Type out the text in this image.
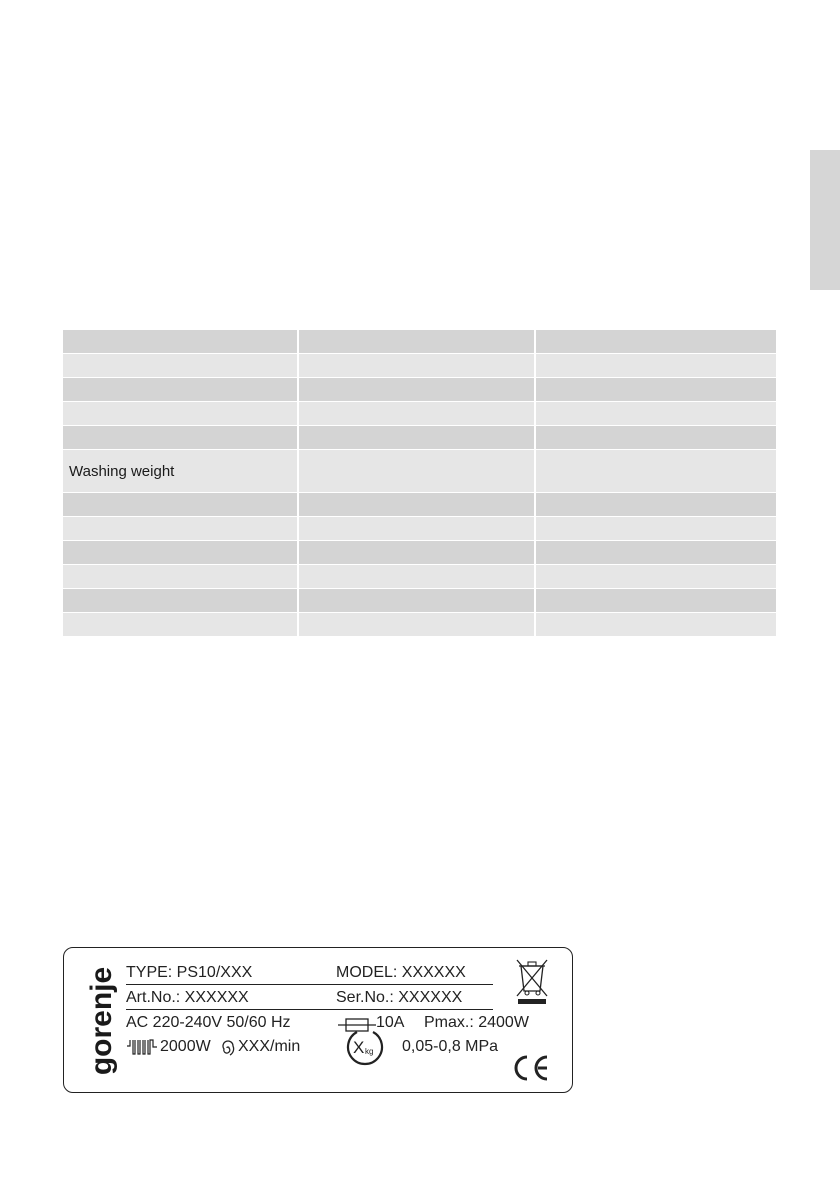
Washing weight		

gorenje TYPE: PS10/XXX	MODEL: XXXXXX
Art.No.: XXXXXX	Ser.No.: XXXXXX
AC 220-240V 50/60 Hz	10A Pmax.: 2400W
2000W XXX/min	X kg 0,05-0,8 MPa
